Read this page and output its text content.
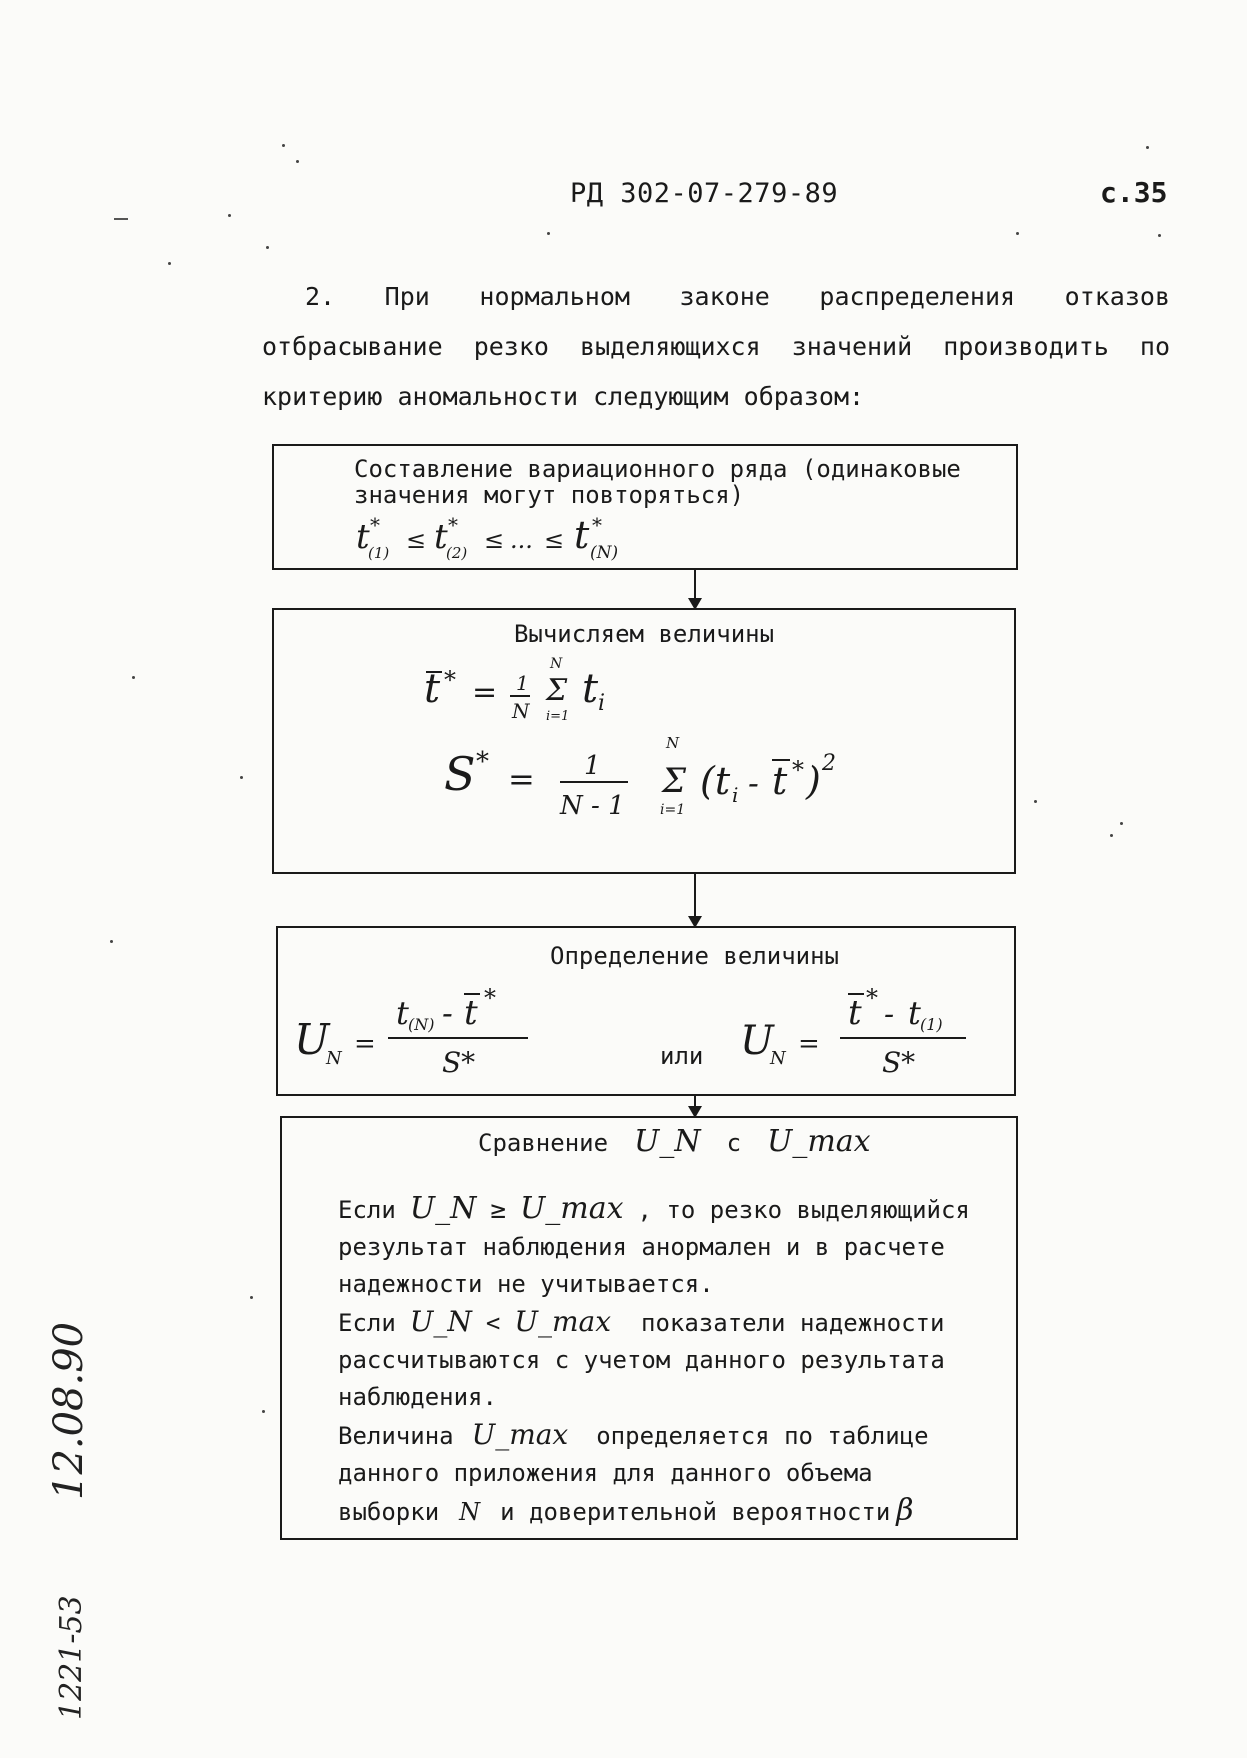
РД 302-07-279-89	с.35

2. При нормальном законе распределения отказов отбрасывание резко выделяющихся значений производить по критерию аномальности следующим образом:

Составление вариационного ряда (одинаковые значения могут повторяться)
t *
(1) ≤ t *
(2) ≤ ... ≤ t *
(N)
Вычисляем величины
t * = 1
N
N
Σ
i=1
t i
S * = 1
N - 1
N
Σ
i=1
(t i - t * ) 2
Определение величины
U
N =
t (N) - t *
S*	или U
N =
t * - t (1)
S*
Сравнение U_N с U_max
Если U_N ≥ U_max , то резко выделяющийся
результат наблюдения анормален и в расчете
надежности не учитывается.
Если U_N < U_max показатели надежности
рассчитываются с учетом данного результата
наблюдения.
Величина U_max определяется по таблице
данного приложения для данного объема
выборки N и доверительной вероятности β
12.08.90
1221-53
